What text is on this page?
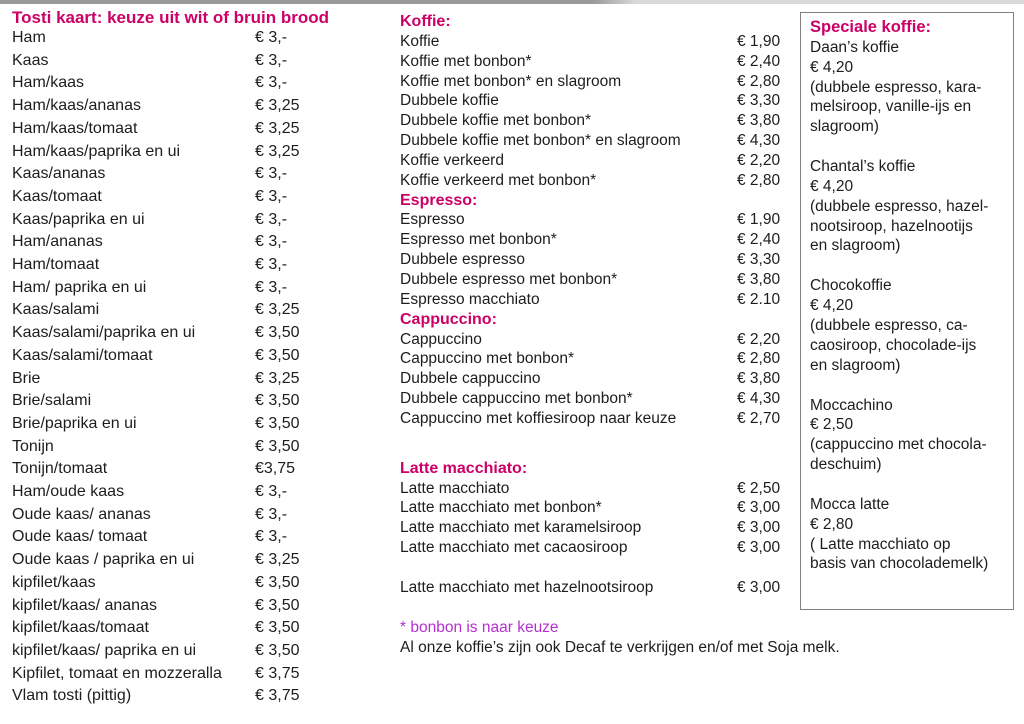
Tosti kaart: keuze uit wit of bruin brood
Ham	€ 3,-
Kaas	€ 3,-
Ham/kaas	€ 3,-
Ham/kaas/ananas	€ 3,25
Ham/kaas/tomaat	€ 3,25
Ham/kaas/paprika en ui	€ 3,25
Kaas/ananas	€ 3,-
Kaas/tomaat	€ 3,-
Kaas/paprika en ui	€ 3,-
Ham/ananas	€ 3,-
Ham/tomaat	€ 3,-
Ham/ paprika en ui	€ 3,-
Kaas/salami	€ 3,25
Kaas/salami/paprika en ui	€ 3,50
Kaas/salami/tomaat	€ 3,50
Brie	€ 3,25
Brie/salami	€ 3,50
Brie/paprika en ui	€ 3,50
Tonijn	€ 3,50
Tonijn/tomaat	€3,75
Ham/oude kaas	€ 3,-
Oude kaas/ ananas	€ 3,-
Oude kaas/ tomaat	€ 3,-
Oude kaas / paprika en ui	€ 3,25
kipfilet/kaas	€ 3,50
kipfilet/kaas/ ananas	€ 3,50
kipfilet/kaas/tomaat	€ 3,50
kipfilet/kaas/ paprika en ui	€ 3,50
Kipfilet, tomaat en mozzeralla	€ 3,75
Vlam tosti (pittig)	€ 3,75
Koffie:
Koffie	€ 1,90
Koffie met bonbon*	€ 2,40
Koffie met bonbon* en slagroom	€ 2,80
Dubbele koffie	€ 3,30
Dubbele koffie met bonbon*	€ 3,80
Dubbele koffie met bonbon* en slagroom	€ 4,30
Koffie verkeerd	€ 2,20
Koffie verkeerd met bonbon*	€ 2,80
Espresso:
Espresso	€ 1,90
Espresso met bonbon*	€ 2,40
Dubbele espresso	€ 3,30
Dubbele espresso met bonbon*	€ 3,80
Espresso macchiato	€ 2.10
Cappuccino:
Cappuccino	€ 2,20
Cappuccino met bonbon*	€ 2,80
Dubbele cappuccino	€ 3,80
Dubbele cappuccino met bonbon*	€ 4,30
Cappuccino met koffiesiroop naar keuze	€ 2,70
Latte macchiato:
Latte macchiato	€ 2,50
Latte macchiato met bonbon*	€ 3,00
Latte macchiato met karamelsiroop	€ 3,00
Latte macchiato met cacaosiroop	€ 3,00
Latte macchiato met hazelnootsiroop	€ 3,00
* bonbon is naar keuze
Al onze koffie’s zijn ook Decaf te verkrijgen en/of met Soja melk.
Speciale koffie:
Daan’s koffie
€ 4,20
(dubbele espresso, kara-
melsiroop, vanille-ijs en
slagroom)
Chantal’s koffie
€ 4,20
(dubbele espresso, hazel-
nootsiroop, hazelnootijs
en slagroom)
Chocokoffie
€ 4,20
(dubbele espresso, ca-
caosiroop, chocolade-ijs
en slagroom)
Moccachino
€ 2,50
(cappuccino met chocola-
deschuim)
Mocca latte
€ 2,80
( Latte macchiato op
basis van chocolademelk)
